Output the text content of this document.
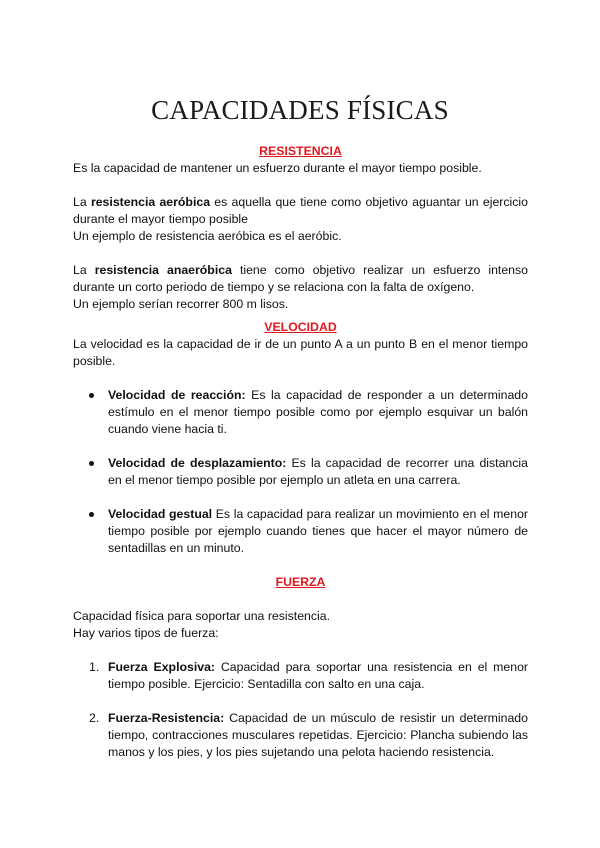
CAPACIDADES FÍSICAS

RESISTENCIA

Es la capacidad de mantener un esfuerzo durante el mayor tiempo posible.

La resistencia aeróbica es aquella que tiene como objetivo aguantar un ejercicio durante el mayor tiempo posible

Un ejemplo de resistencia aeróbica es el aeróbic.

La resistencia anaeróbica tiene como objetivo realizar un esfuerzo intenso durante un corto periodo de tiempo y se relaciona con la falta de oxígeno.

Un ejemplo serían recorrer 800 m lisos.

VELOCIDAD

La velocidad es la capacidad de ir de un punto A a un punto B en el menor tiempo posible.

Velocidad de reacción: Es la capacidad de responder a un determinado estímulo en el menor tiempo posible como por ejemplo esquivar un balón cuando viene hacia ti.
Velocidad de desplazamiento: Es la capacidad de recorrer una distancia en el menor tiempo posible por ejemplo un atleta en una carrera.
Velocidad gestual Es la capacidad para realizar un movimiento en el menor tiempo posible por ejemplo cuando tienes que hacer el mayor número de sentadillas en un minuto.

FUERZA

Capacidad física para soportar una resistencia.

Hay varios tipos de fuerza:

1. Fuerza Explosiva: Capacidad para soportar una resistencia en el menor tiempo posible. Ejercicio: Sentadilla con salto en una caja.
2. Fuerza-Resistencia: Capacidad de un músculo de resistir un determinado tiempo, contracciones musculares repetidas. Ejercicio: Plancha subiendo las manos y los pies, y los pies sujetando una pelota haciendo resistencia.
